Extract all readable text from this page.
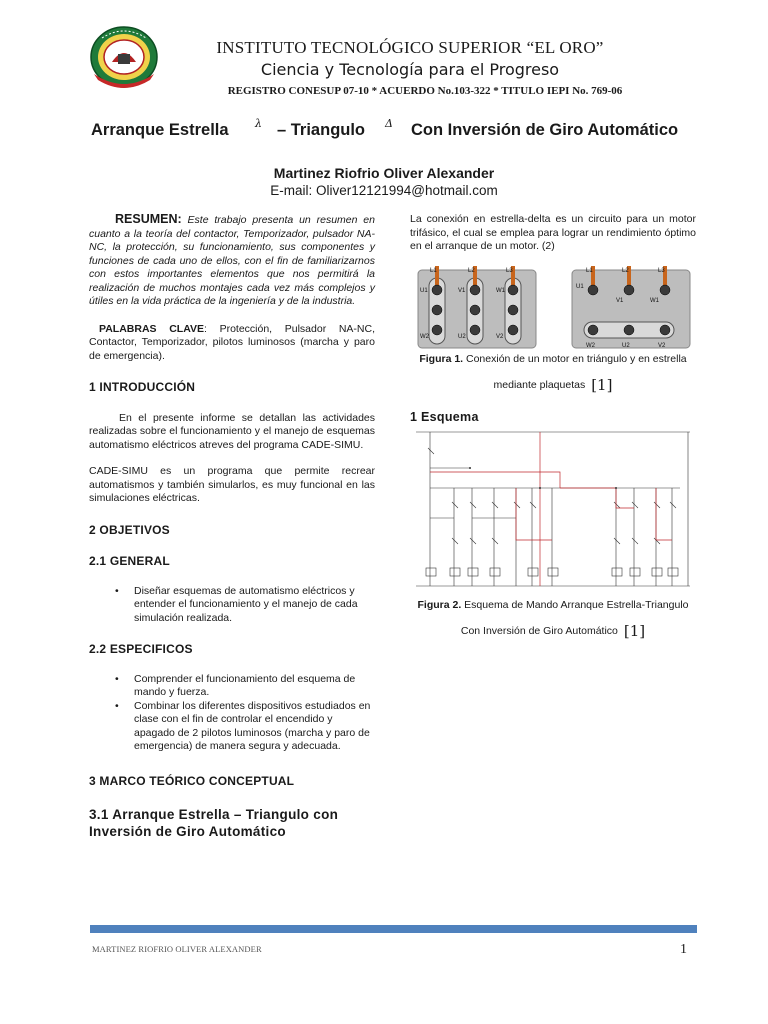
INSTITUTO TECNOLÓGICO SUPERIOR “EL ORO”
Ciencia y Tecnología para el Progreso
REGISTRO CONESUP 07-10 * ACUERDO No.103-322 * TITULO IEPI No. 769-06
Arranque Estrella λ – Triangulo Δ Con Inversión de Giro Automático
Martinez Riofrio Oliver Alexander
E-mail: Oliver12121994@hotmail.com

RESUMEN: Este trabajo presenta un resumen en cuanto a la teoría del contactor, Temporizador, pulsador NA-NC, la protección, su funcionamiento, sus componentes y funciones de cada uno de ellos, con el fin de familiarizarnos con estos importantes elementos que nos permitirá la realización de muchos montajes cada vez más complejos y útiles en la vida práctica de la ingeniería y de la industria.

PALABRAS CLAVE: Protección, Pulsador NA-NC, Contactor, Temporizador, pilotos luminosos (marcha y paro de emergencia).

1 INTRODUCCIÓN

En el presente informe se detallan las actividades realizadas sobre el funcionamiento y el manejo de esquemas automatismo eléctricos atreves del programa CADE-SIMU.

CADE-SIMU es un programa que permite recrear automatismos y también simularlos, es muy funcional en las simulaciones eléctricas.

2 OBJETIVOS
2.1 GENERAL
• Diseñar esquemas de automatismo eléctricos y entender el funcionamiento y el manejo de cada simulación realizada.
2.2 ESPECIFICOS
• Comprender el funcionamiento del esquema de mando y fuerza.
• Combinar los diferentes dispositivos estudiados en clase con el fin de controlar el encendido y apagado de 2 pilotos luminosos (marcha y paro de emergencia) de manera segura y adecuada.
3 MARCO TEÓRICO CONCEPTUAL
3.1 Arranque Estrella – Triangulo con Inversión de Giro Automático

La conexión en estrella-delta es un circuito para un motor trifásico, el cual se emplea para lograr un rendimiento óptimo en el arranque de un motor. (2)

L1	L2	L3
U1	V1	W1
W2	U2	V2
L1	L2	L3
U1
V1	W1
W2	U2	V2
Figura 1. Conexión de un motor en triángulo y en estrella mediante plaquetas [1]
1 Esquema
Figura 2. Esquema de Mando Arranque Estrella-Triangulo Con Inversión de Giro Automático [1]
MARTINEZ RIOFRIO OLIVER ALEXANDER	1
